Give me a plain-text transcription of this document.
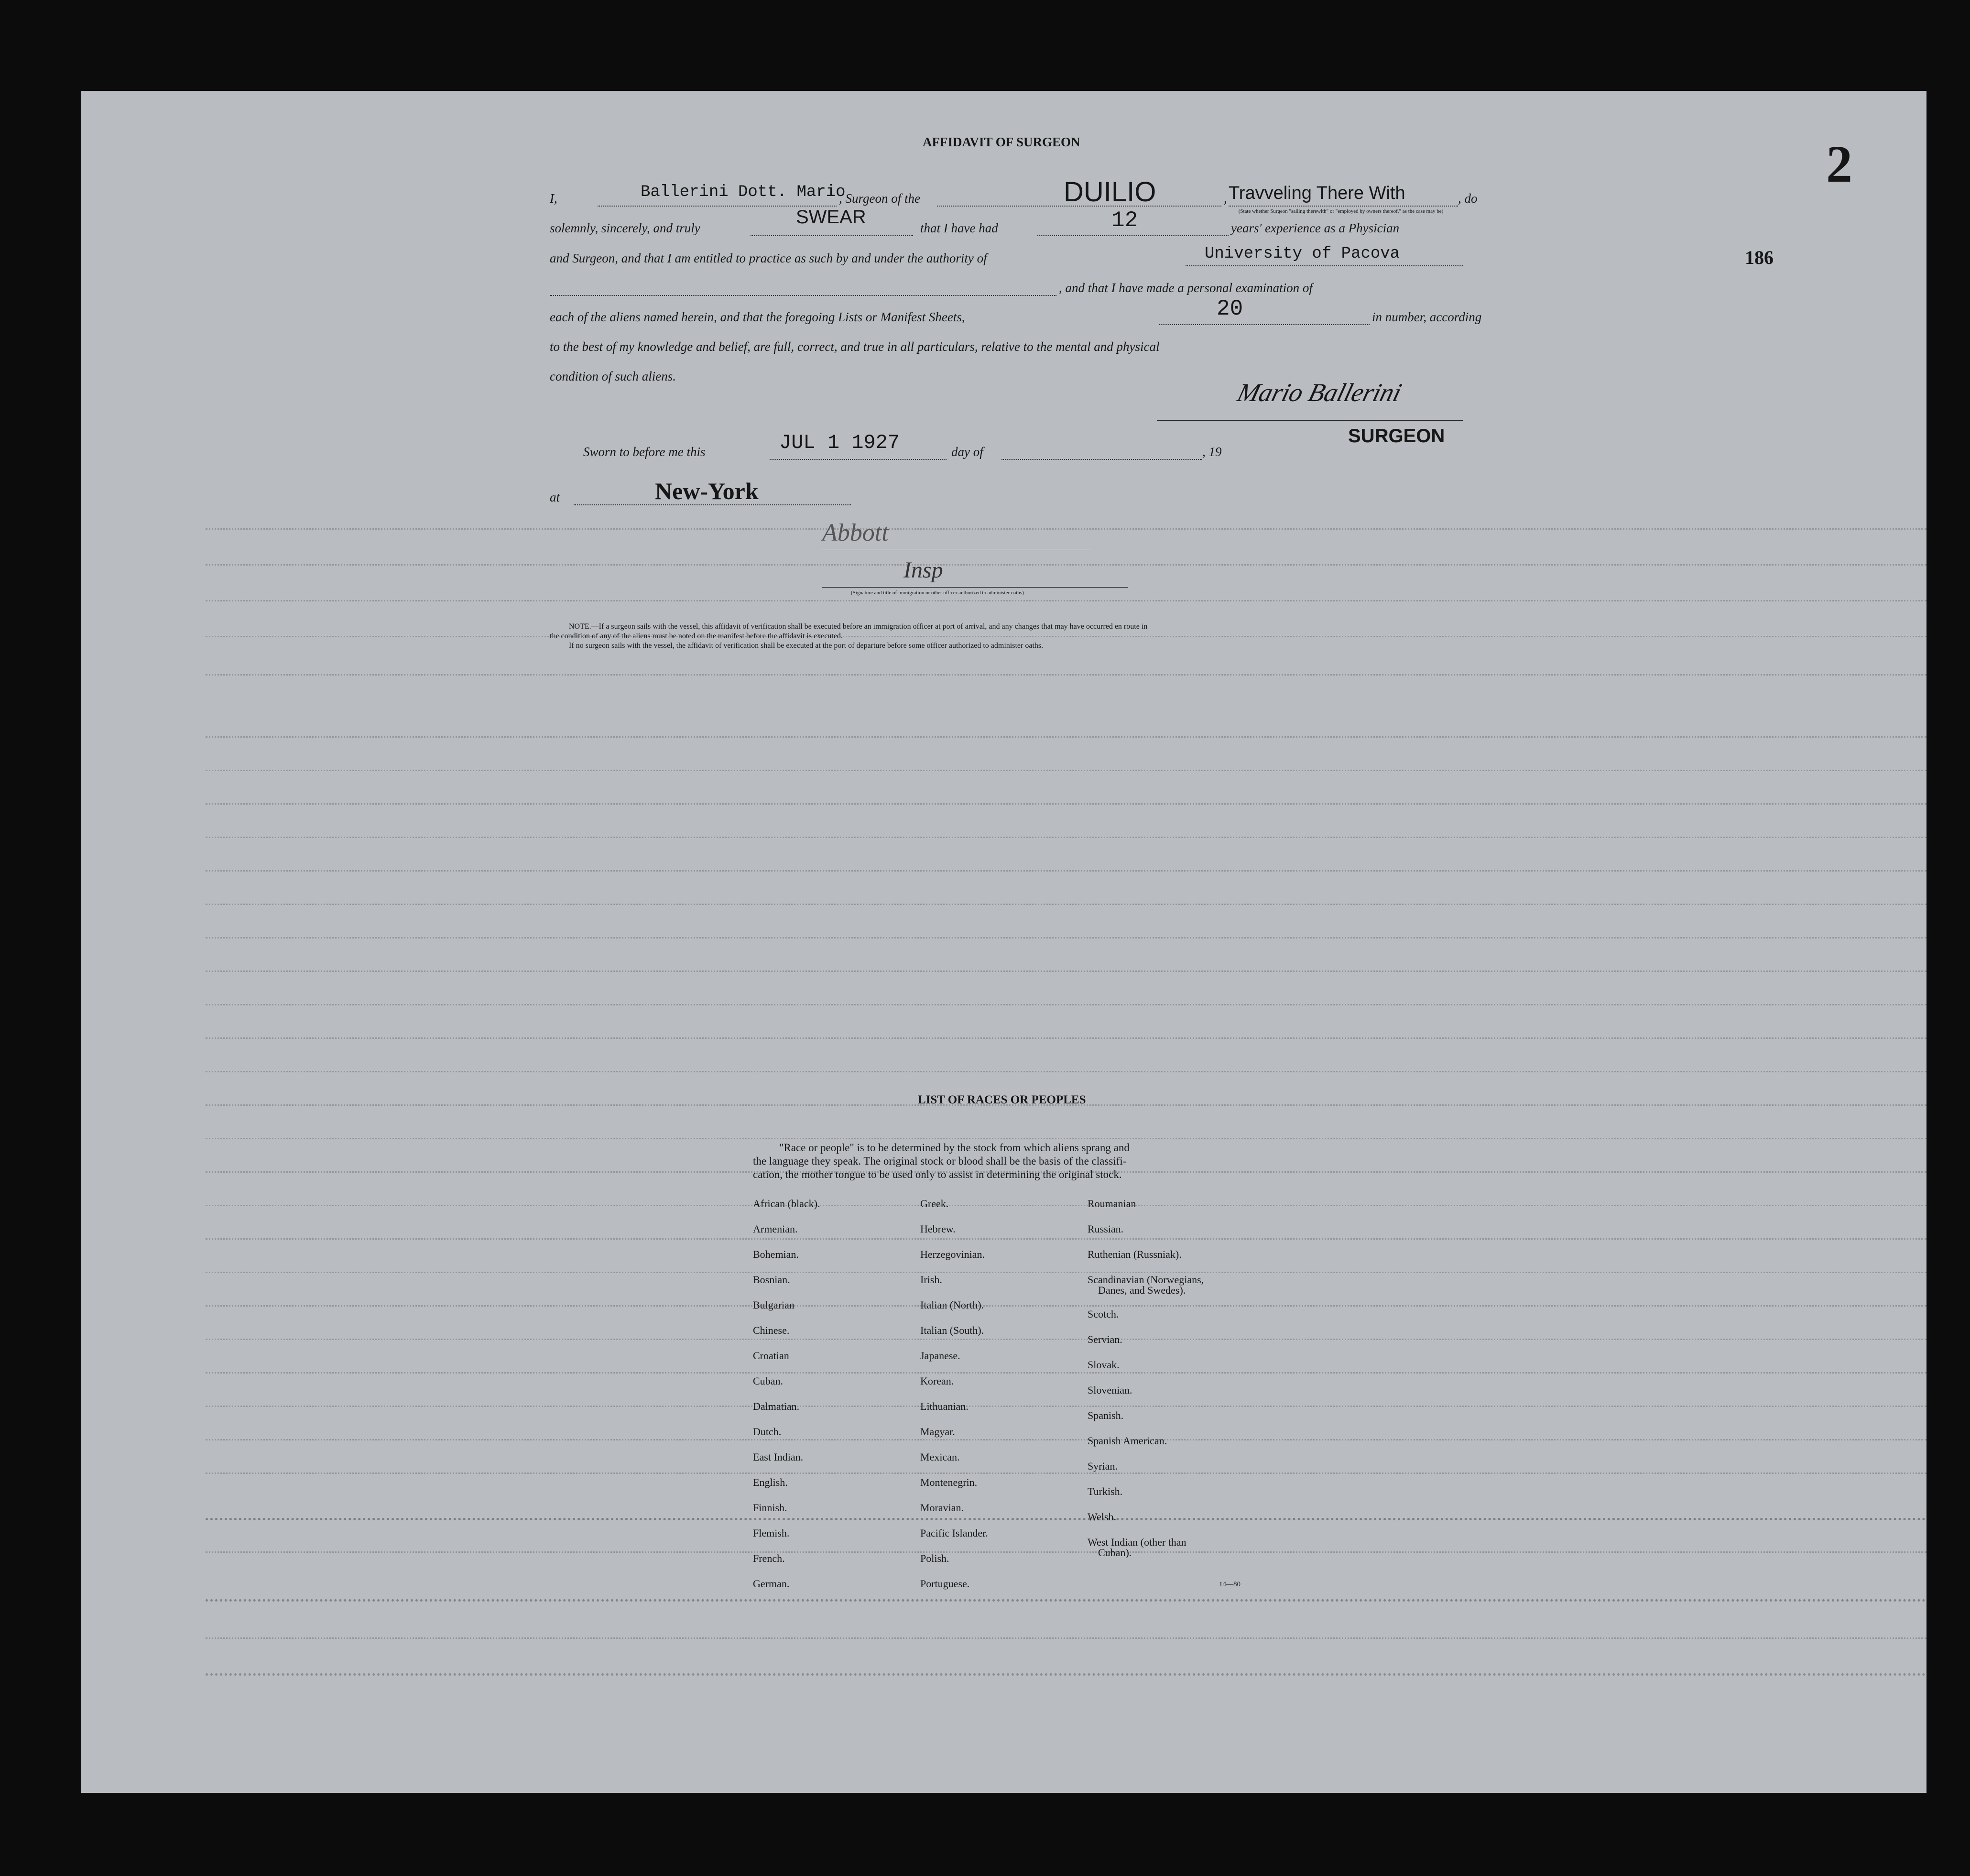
2
186
AFFIDAVIT OF SURGEON
I,	Ballerini Dott. Mario
, Surgeon of the	DUILIO	, Travveling There With	, do
(State whether Surgeon "sailing therewith" or "employed by owners thereof," as the case may be)
solemnly, sincerely, and truly
SWEAR
that I have had	12	years' experience as a Physician
and Surgeon, and that I am entitled to practice as such by and under the authority of	University of Pacova
, and that I have made a personal examination of
each of the aliens named herein, and that the foregoing Lists or Manifest Sheets,	20	in number, according
to the best of my knowledge and belief, are full, correct, and true in all particulars, relative to the mental and physical
condition of such aliens.
Mario Ballerini
SURGEON
Sworn to before me this	JUL 1 1927	day of	, 19
at	New-York
Abbott
Insp
(Signature and title of immigration or other officer authorized to administer oaths)
NOTE.—If a surgeon sails with the vessel, this affidavit of verification shall be executed before an immigration officer at port of arrival, and any changes that may have occurred en route in
the condition of any of the aliens must be noted on the manifest before the affidavit is executed.
If no surgeon sails with the vessel, the affidavit of verification shall be executed at the port of departure before some officer authorized to administer oaths.
LIST OF RACES OR PEOPLES
"Race or people" is to be determined by the stock from which aliens sprang and
the language they speak. The original stock or blood shall be the basis of the classifi-
cation, the mother tongue to be used only to assist in determining the original stock.
African (black).
Armenian.
Bohemian.
Bosnian.
Bulgarian
Chinese.
Croatian
Cuban.
Dalmatian.
Dutch.
East Indian.
English.
Finnish.
Flemish.
French.
German.
Greek.
Hebrew.
Herzegovinian.
Irish.
Italian (North).
Italian (South).
Japanese.
Korean.
Lithuanian.
Magyar.
Mexican.
Montenegrin.
Moravian.
Pacific Islander.
Polish.
Portuguese.
Roumanian
Russian.
Ruthenian (Russniak).
Scandinavian (Norwegians,
Danes, and Swedes).
Scotch.
Servian.
Slovak.
Slovenian.
Spanish.
Spanish American.
Syrian.
Turkish.
Welsh.
West Indian (other than
Cuban).
14—80
